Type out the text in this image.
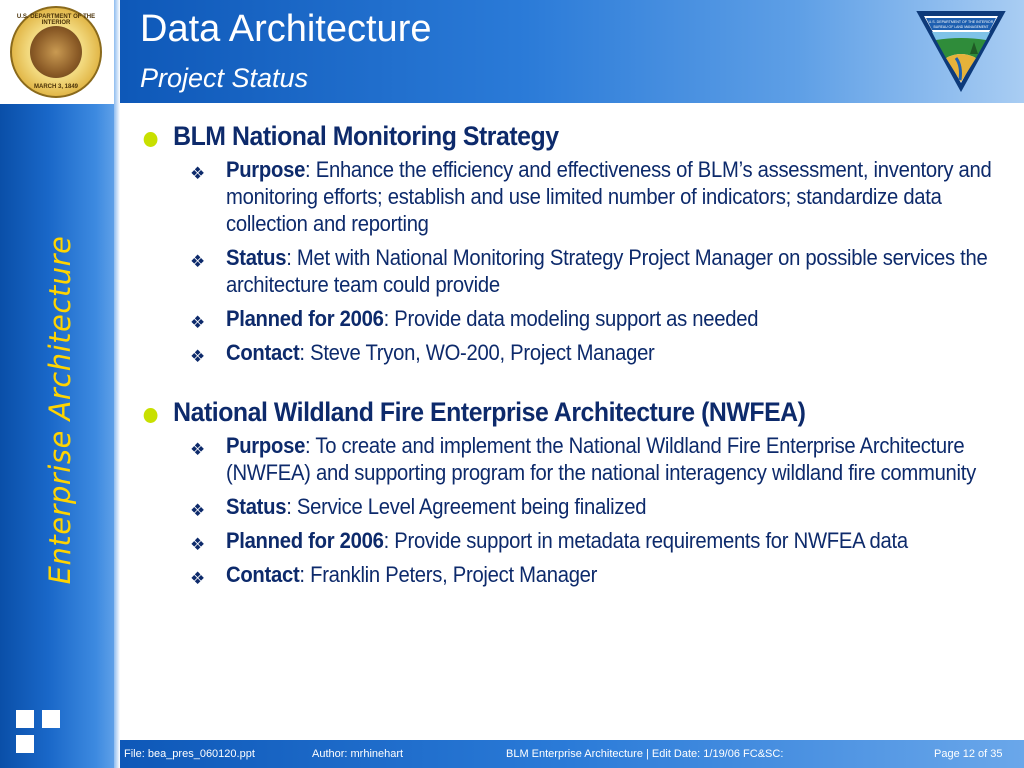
U.S. DEPARTMENT OF THE INTERIOR
MARCH 3, 1849
Enterprise Architecture
Data Architecture
Project Status
U.S. DEPARTMENT OF THE INTERIOR
BUREAU OF LAND MANAGEMENT
BLM National Monitoring Strategy
❖ Purpose: Enhance the efficiency and effectiveness of BLM’s assessment, inventory and monitoring efforts; establish and use limited number of indicators; standardize data collection and reporting
❖ Status: Met with National Monitoring Strategy Project Manager on possible services the architecture team could provide
❖ Planned for 2006: Provide data modeling support as needed
❖ Contact: Steve Tryon, WO-200, Project Manager
National Wildland Fire Enterprise Architecture (NWFEA)
❖ Purpose: To create and implement the National Wildland Fire Enterprise Architecture (NWFEA) and supporting program for the national interagency wildland fire community
❖ Status: Service Level Agreement being finalized
❖ Planned for 2006: Provide support in metadata requirements for NWFEA data
❖ Contact: Franklin Peters, Project Manager
File: bea_pres_060120.ppt	Author: mrhinehart	BLM Enterprise Architecture | Edit Date: 1/19/06 FC&SC:	Page 12 of 35
